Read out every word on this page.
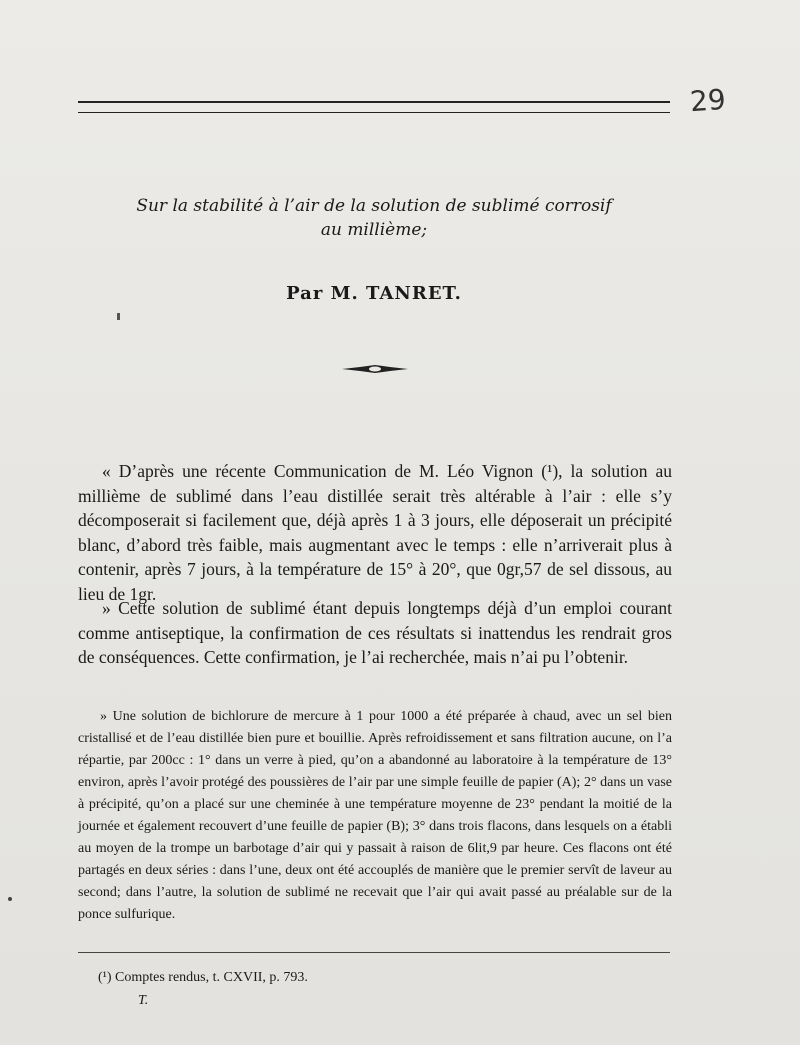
29
Sur la stabilité à l’air de la solution de sublimé corrosif
au millième;
Par M. TANRET.
« D’après une récente Communication de M. Léo Vignon (¹), la solution au millième de sublimé dans l’eau distillée serait très altérable à l’air : elle s’y décomposerait si facilement que, déjà après 1 à 3 jours, elle déposerait un précipité blanc, d’abord très faible, mais augmentant avec le temps : elle n’arriverait plus à contenir, après 7 jours, à la température de 15° à 20°, que 0gr,57 de sel dissous, au lieu de 1gr.
» Cette solution de sublimé étant depuis longtemps déjà d’un emploi courant comme antiseptique, la confirmation de ces résultats si inattendus les rendrait gros de conséquences. Cette confirmation, je l’ai recherchée, mais n’ai pu l’obtenir.
» Une solution de bichlorure de mercure à 1 pour 1000 a été préparée à chaud, avec un sel bien cristallisé et de l’eau distillée bien pure et bouillie. Après refroidissement et sans filtration aucune, on l’a répartie, par 200cc : 1° dans un verre à pied, qu’on a abandonné au laboratoire à la température de 13° environ, après l’avoir protégé des poussières de l’air par une simple feuille de papier (A); 2° dans un vase à précipité, qu’on a placé sur une cheminée à une température moyenne de 23° pendant la moitié de la journée et également recouvert d’une feuille de papier (B); 3° dans trois flacons, dans lesquels on a établi au moyen de la trompe un barbotage d’air qui y passait à raison de 6lit,9 par heure. Ces flacons ont été partagés en deux séries : dans l’une, deux ont été accouplés de manière que le premier servît de laveur au second; dans l’autre, la solution de sublimé ne recevait que l’air qui avait passé au préalable sur de la ponce sulfurique.
(¹) Comptes rendus, t. CXVII, p. 793.
T.
